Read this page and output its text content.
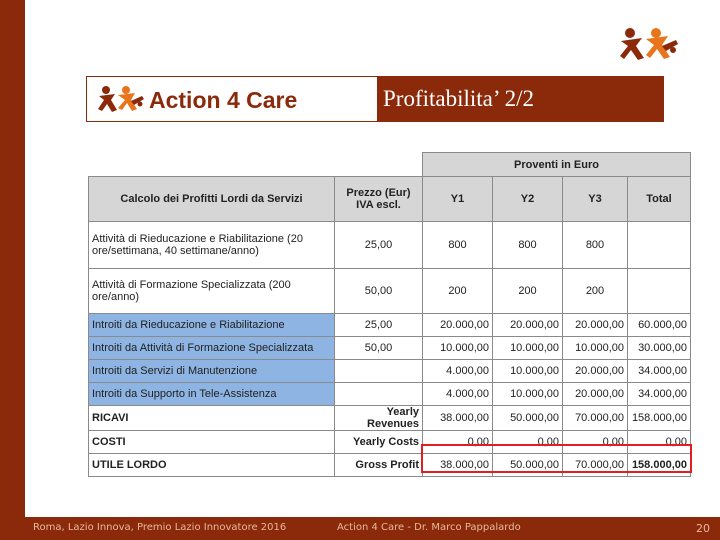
Action 4 Care	Profitabilita’ 2/2
		Proventi in Euro			
Calcolo dei Profitti Lordi da Servizi	Prezzo (Eur) IVA escl.	Y1	Y2	Y3	Total
Attività di Rieducazione e Riabilitazione (20 ore/settimana, 40 settimane/anno)	25,00	800	800	800	
Attività di Formazione Specializzata (200 ore/anno)	50,00	200	200	200	
Introiti da Rieducazione e Riabilitazione	25,00	20.000,00	20.000,00	20.000,00	60.000,00
Introiti da Attività di Formazione Specializzata	50,00	10.000,00	10.000,00	10.000,00	30.000,00
Introiti da Servizi di Manutenzione		4.000,00	10.000,00	20.000,00	34.000,00
Introiti da Supporto in Tele-Assistenza		4.000,00	10.000,00	20.000,00	34.000,00
RICAVI	Yearly Revenues	38.000,00	50.000,00	70.000,00	158.000,00
COSTI	Yearly Costs	0,00	0,00	0,00	0,00
UTILE LORDO	Gross Profit	38.000,00	50.000,00	70.000,00	158.000,00
Roma, Lazio Innova, Premio Lazio Innovatore 2016	Action 4 Care - Dr. Marco Pappalardo	20
